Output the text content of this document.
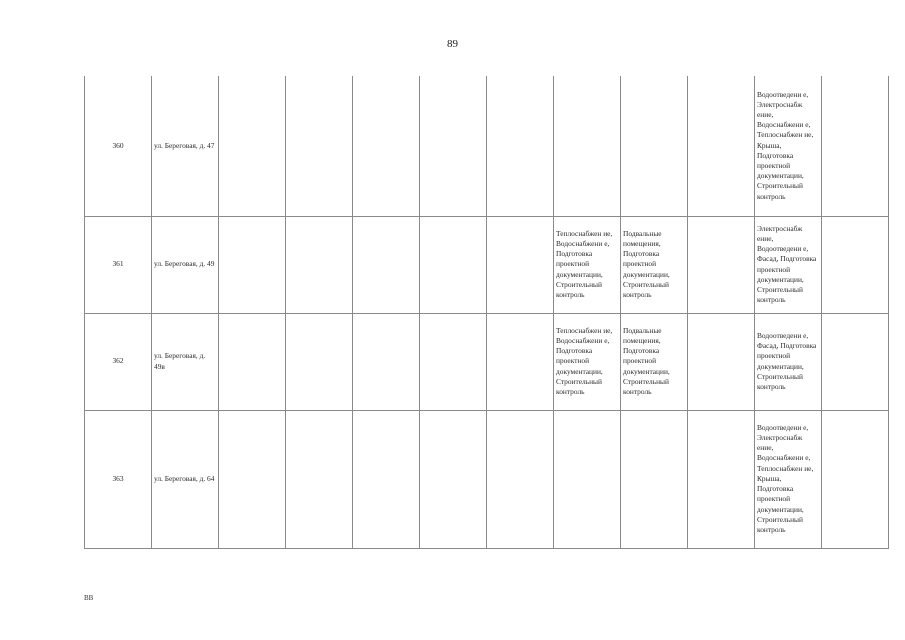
89
360	ул. Береговая, д. 47									Водоотведени е, Электроснабж ение, Водоснабжени е, Теплоснабжен ие, Крыша, Подготовка проектной документации, Строительный контроль	
361	ул. Береговая, д. 49						Теплоснабжен ие, Водоснабжени е, Подготовка проектной документации, Строительный контроль	Подвальные помещения, Подготовка проектной документации, Строительный контроль		Электроснабж ение, Водоотведени е, Фасад, Подготовка проектной документации, Строительный контроль	
362	ул. Береговая, д. 49в						Теплоснабжен ие, Водоснабжени е, Подготовка проектной документации, Строительный контроль	Подвальные помещения, Подготовка проектной документации, Строительный контроль		Водоотведени е, Фасад, Подготовка проектной документации, Строительный контроль	
363	ул. Береговая, д. 64									Водоотведени е, Электроснабж ение, Водоснабжени е, Теплоснабжен ие, Крыша, Подготовка проектной документации, Строительный контроль	
ВВ
